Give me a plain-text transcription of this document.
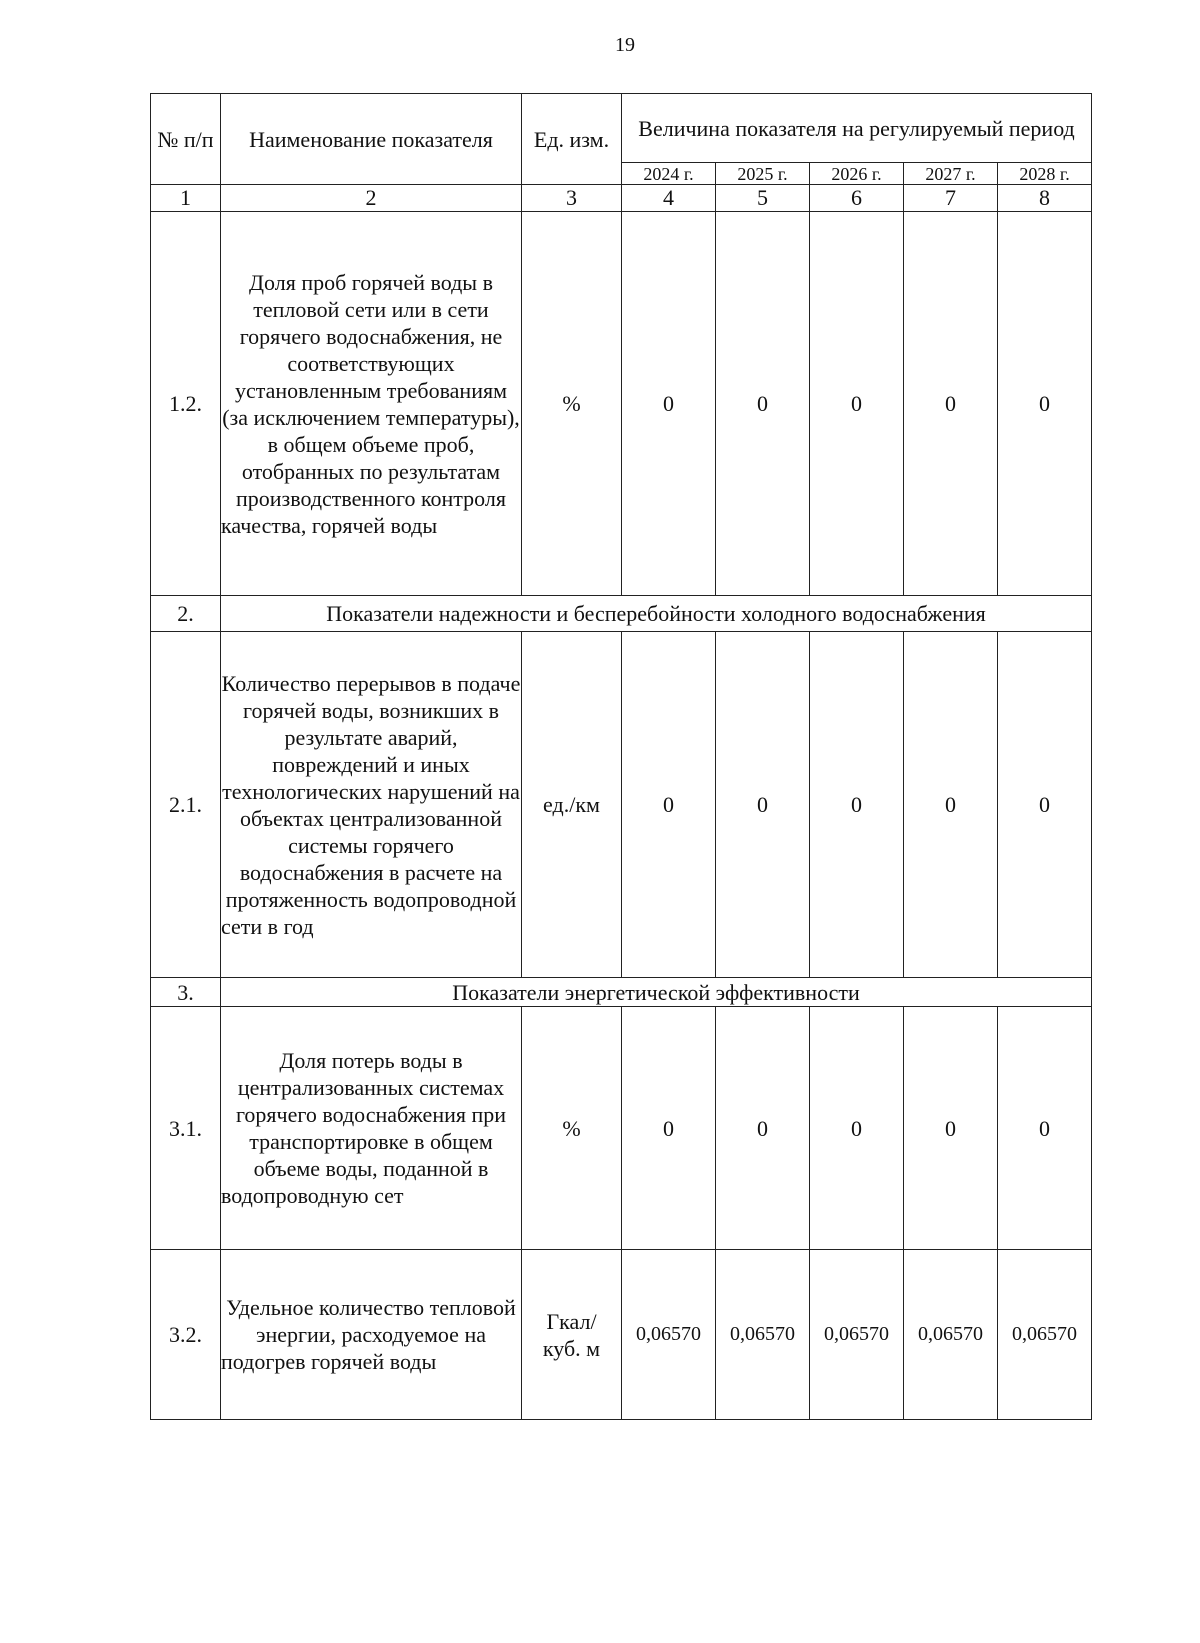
19
№ п/п	Наименование показателя	Ед. изм.	Величина показателя на регулируемый период				
			2024 г.	2025 г.	2026 г.	2027 г.	2028 г.
1	2	3	4	5	6	7	8
1.2.	Доля проб горячей воды в тепловой сети или в сети горячего водоснабжения, не соответствующих установленным требованиям (за исключением температуры), в общем объеме проб, отобранных по результатам производственного контроля качества, горячей воды	%	0	0	0	0	0
2.	Показатели надежности и бесперебойности холодного водоснабжения						
2.1.	Количество перерывов в подаче горячей воды, возникших в результате аварий, повреждений и иных технологических нарушений на объектах централизованной системы горячего водоснабжения в расчете на протяженность водопроводной сети в год	ед./км	0	0	0	0	0
3.	Показатели энергетической эффективности						
3.1.	Доля потерь воды в централизованных системах горячего водоснабжения при транспортировке в общем объеме воды, поданной в водопроводную сет	%	0	0	0	0	0
3.2.	Удельное количество тепловой энергии, расходуемое на подогрев горячей воды	Гкал/ куб. м	0,06570	0,06570	0,06570	0,06570	0,06570
